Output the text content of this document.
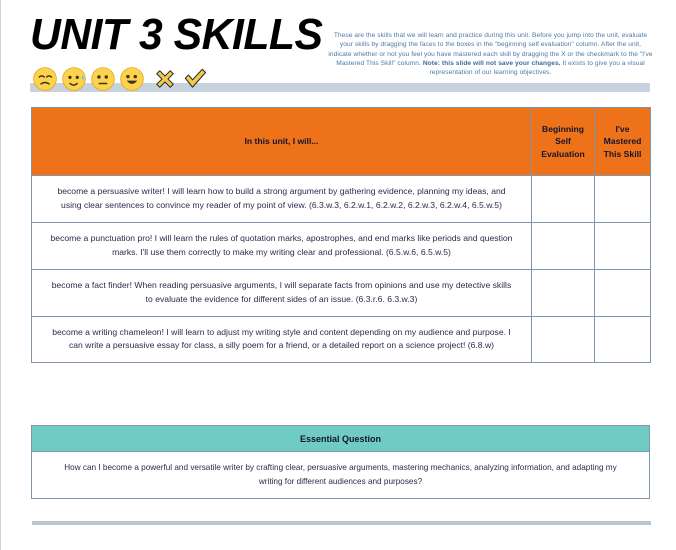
UNIT 3 SKILLS	These are the skills that we will learn and practice during this unit. Before you jump into the unit, evaluate your skills by dragging the faces to the boxes in the "beginning self evaluation" column. After the unit, indicate whether or not you feel you have mastered each skill by dragging the X or the checkmark to the "I've Mastered This Skill" column. Note: this slide will not save your changes. It exists to give you a visual representation of our learning objectives.
In this unit, I will...	Beginning Self Evaluation	I've Mastered This Skill
become a persuasive writer! I will learn how to build a strong argument by gathering evidence, planning my ideas, and using clear sentences to convince my reader of my point of view. (6.3.w.3, 6.2.w.1, 6.2.w.2, 6.2.w.3, 6.2.w.4, 6.5.w.5)		
become a punctuation pro! I will learn the rules of quotation marks, apostrophes, and end marks like periods and question marks. I'll use them correctly to make my writing clear and professional. (6.5.w.6, 6.5.w.5)		
become a fact finder! When reading persuasive arguments, I will separate facts from opinions and use my detective skills to evaluate the evidence for different sides of an issue. (6.3.r.6. 6.3.w.3)		
become a writing chameleon! I will learn to adjust my writing style and content depending on my audience and purpose. I can write a persuasive essay for class, a silly poem for a friend, or a detailed report on a science project! (6.8.w)		
Essential Question
How can I become a powerful and versatile writer by crafting clear, persuasive arguments, mastering mechanics, analyzing information, and adapting my writing for different audiences and purposes?
